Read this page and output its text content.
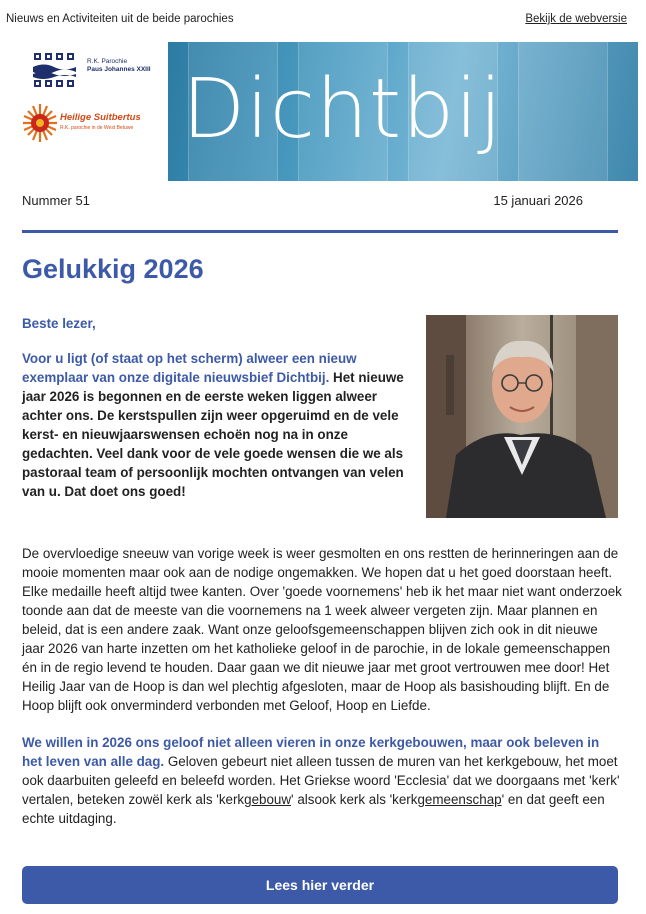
Nieuws en Activiteiten uit de beide parochies	Bekijk de webversie
R.K. Parochie
Paus Johannes XXIII
Heilige Suitbertus
R.K. parochie in de West Betuwe Dichtbij
Nummer 51	15 januari 2026
Gelukkig 2026

Beste lezer,

Voor u ligt (of staat op het scherm) alweer een nieuw exemplaar van onze digitale nieuwsbief Dichtbij. Het nieuwe jaar 2026 is begonnen en de eerste weken liggen alweer achter ons. De kerstspullen zijn weer opgeruimd en de vele kerst- en nieuwjaarswensen echoën nog na in onze gedachten. Veel dank voor de vele goede wensen die we als pastoraal team of persoonlijk mochten ontvangen van velen van u. Dat doet ons goed!

De overvloedige sneeuw van vorige week is weer gesmolten en ons restten de herinneringen aan de mooie momenten maar ook aan de nodige ongemakken. We hopen dat u het goed doorstaan heeft. Elke medaille heeft altijd twee kanten. Over 'goede voornemens' heb ik het maar niet want onderzoek toonde aan dat de meeste van die voornemens na 1 week alweer vergeten zijn. Maar plannen en beleid, dat is een andere zaak. Want onze geloofsgemeenschappen blijven zich ook in dit nieuwe jaar 2026 van harte inzetten om het katholieke geloof in de parochie, in de lokale gemeenschappen én in de regio levend te houden. Daar gaan we dit nieuwe jaar met groot vertrouwen mee door! Het Heilig Jaar van de Hoop is dan wel plechtig afgesloten, maar de Hoop als basishouding blijft. En de Hoop blijft ook onverminderd verbonden met Geloof, Hoop en Liefde.

We willen in 2026 ons geloof niet alleen vieren in onze kerkgebouwen, maar ook beleven in het leven van alle dag. Geloven gebeurt niet alleen tussen de muren van het kerkgebouw, het moet ook daarbuiten geleefd en beleefd worden. Het Griekse woord 'Ecclesia' dat we doorgaans met 'kerk' vertalen, beteken zowël kerk als 'kerkgebouw' alsook kerk als 'kerkgemeenschap' en dat geeft een echte uitdaging.

Lees hier verder
